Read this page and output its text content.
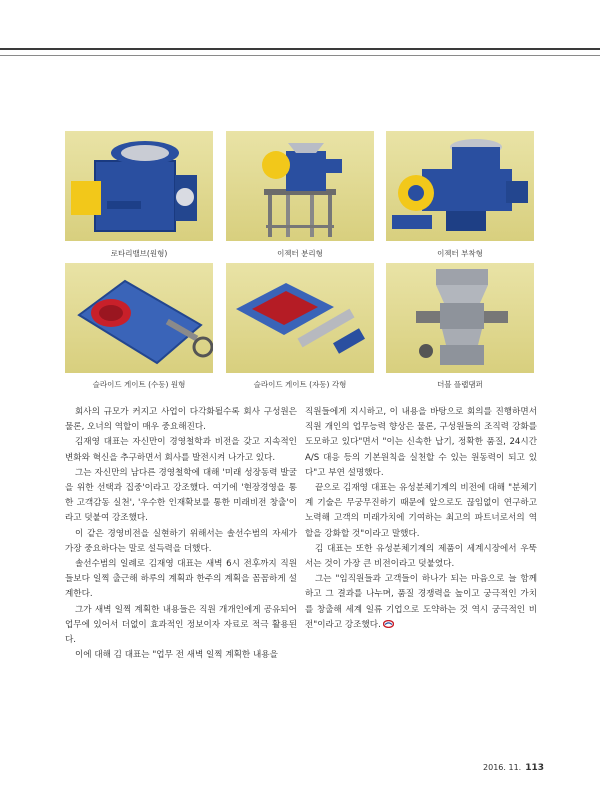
로타리밸브(원형)	이젝터 분리형	이젝터 부착형
슬라이드 게이트 (수동) 원형	슬라이드 게이트 (자동) 각형	더블 플랩댐퍼

회사의 규모가 커지고 사업이 다각화될수록 회사 구성원은 물론, 오너의 역할이 매우 중요해진다.

김재영 대표는 자신만이 경영철학과 비전을 갖고 지속적인 변화와 혁신을 추구하면서 회사를 발전시켜 나가고 있다.

그는 자신만의 남다른 경영철학에 대해 '미래 성장동력 발굴을 위한 선택과 집중'이라고 강조했다. 여기에 '현장경영을 통한 고객감동 실천', '우수한 인재확보를 통한 미래비전 창출'이라고 덧붙여 강조했다.

이 같은 경영비전을 실현하기 위해서는 솔선수범의 자세가 가장 중요하다는 말로 설득력을 더했다.

솔선수범의 일례로 김재영 대표는 새벽 6시 전후까지 직원들보다 일찍 출근해 하루의 계획과 한주의 계획을 꼼꼼하게 설계한다.

그가 새벽 일찍 계획한 내용들은 직원 개개인에게 공유되어 업무에 있어서 더없이 효과적인 정보이자 자료로 적극 활용된다.

이에 대해 김 대표는 "업무 전 새벽 일찍 계획한 내용을

직원들에게 지시하고, 이 내용을 바탕으로 회의를 진행하면서 직원 개인의 업무능력 향상은 물론, 구성원들의 조직력 강화를 도모하고 있다"면서 "이는 신속한 납기, 정확한 품질, 24시간 A/S 대응 등의 기본원칙을 실천할 수 있는 원동력이 되고 있다"고 부연 설명했다.

끝으로 김재영 대표는 유성분체기계의 비전에 대해 "분체기계 기술은 무궁무진하기 때문에 앞으로도 끊임없이 연구하고 노력해 고객의 미래가치에 기여하는 최고의 파트너로서의 역할을 강화할 것"이라고 말했다.

김 대표는 또한 유성분체기계의 제품이 세계시장에서 우뚝 서는 것이 가장 큰 비전이라고 덧붙였다.

그는 "임직원들과 고객들이 하나가 되는 마음으로 늘 함께하고 그 결과를 나누며, 품질 경쟁력을 높이고 궁극적인 가치를 창출해 세계 일류 기업으로 도약하는 것 역시 궁극적인 비전"이라고 강조했다.

2016. 11. 113
